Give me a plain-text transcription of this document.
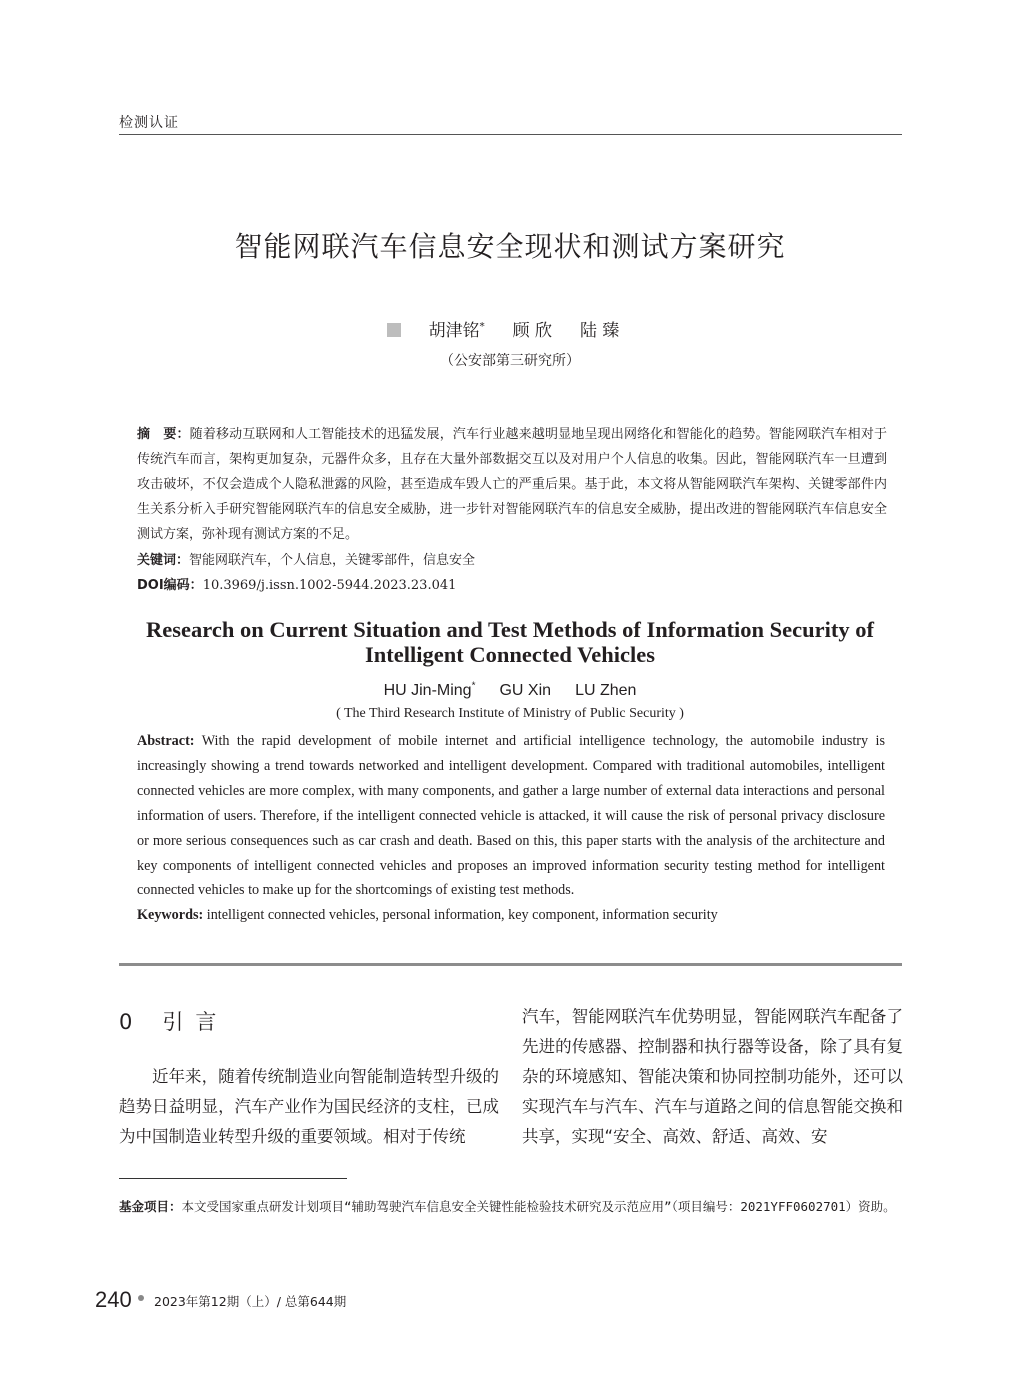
检测认证
智能网联汽车信息安全现状和测试方案研究
胡津铭* 顾 欣 陆 臻
（公安部第三研究所）
摘　要：随着移动互联网和人工智能技术的迅猛发展，汽车行业越来越明显地呈现出网络化和智能化的趋势。智能网联汽车相对于传统汽车而言，架构更加复杂，元器件众多，且存在大量外部数据交互以及对用户个人信息的收集。因此，智能网联汽车一旦遭到攻击破坏，不仅会造成个人隐私泄露的风险，甚至造成车毁人亡的严重后果。基于此，本文将从智能网联汽车架构、关键零部件内生关系分析入手研究智能网联汽车的信息安全威胁，进一步针对智能网联汽车的信息安全威胁，提出改进的智能网联汽车信息安全测试方案，弥补现有测试方案的不足。
关键词：智能网联汽车，个人信息，关键零部件，信息安全
DOI编码：10.3969/j.issn.1002-5944.2023.23.041
Research on Current Situation and Test Methods of Information Security of Intelligent Connected Vehicles
HU Jin-Ming* GU Xin LU Zhen
( The Third Research Institute of Ministry of Public Security )
Abstract: With the rapid development of mobile internet and artificial intelligence technology, the automobile industry is increasingly showing a trend towards networked and intelligent development. Compared with traditional automobiles, intelligent connected vehicles are more complex, with many components, and gather a large number of external data interactions and personal information of users. Therefore, if the intelligent connected vehicle is attacked, it will cause the risk of personal privacy disclosure or more serious consequences such as car crash and death. Based on this, this paper starts with the analysis of the architecture and key components of intelligent connected vehicles and proposes an improved information security testing method for intelligent connected vehicles to make up for the shortcomings of existing test methods.
Keywords: intelligent connected vehicles, personal information, key component, information security
0 引言
近年来，随着传统制造业向智能制造转型升级的趋势日益明显，汽车产业作为国民经济的支柱，已成为中国制造业转型升级的重要领域。相对于传统
汽车，智能网联汽车优势明显，智能网联汽车配备了先进的传感器、控制器和执行器等设备，除了具有复杂的环境感知、智能决策和协同控制功能外，还可以实现汽车与汽车、汽车与道路之间的信息智能交换和共享，实现“安全、高效、舒适、高效、安
基金项目：本文受国家重点研发计划项目“辅助驾驶汽车信息安全关键性能检验技术研究及示范应用”（项目编号：2021YFF0602701）资助。
240 2023年第12期（上）/ 总第644期
